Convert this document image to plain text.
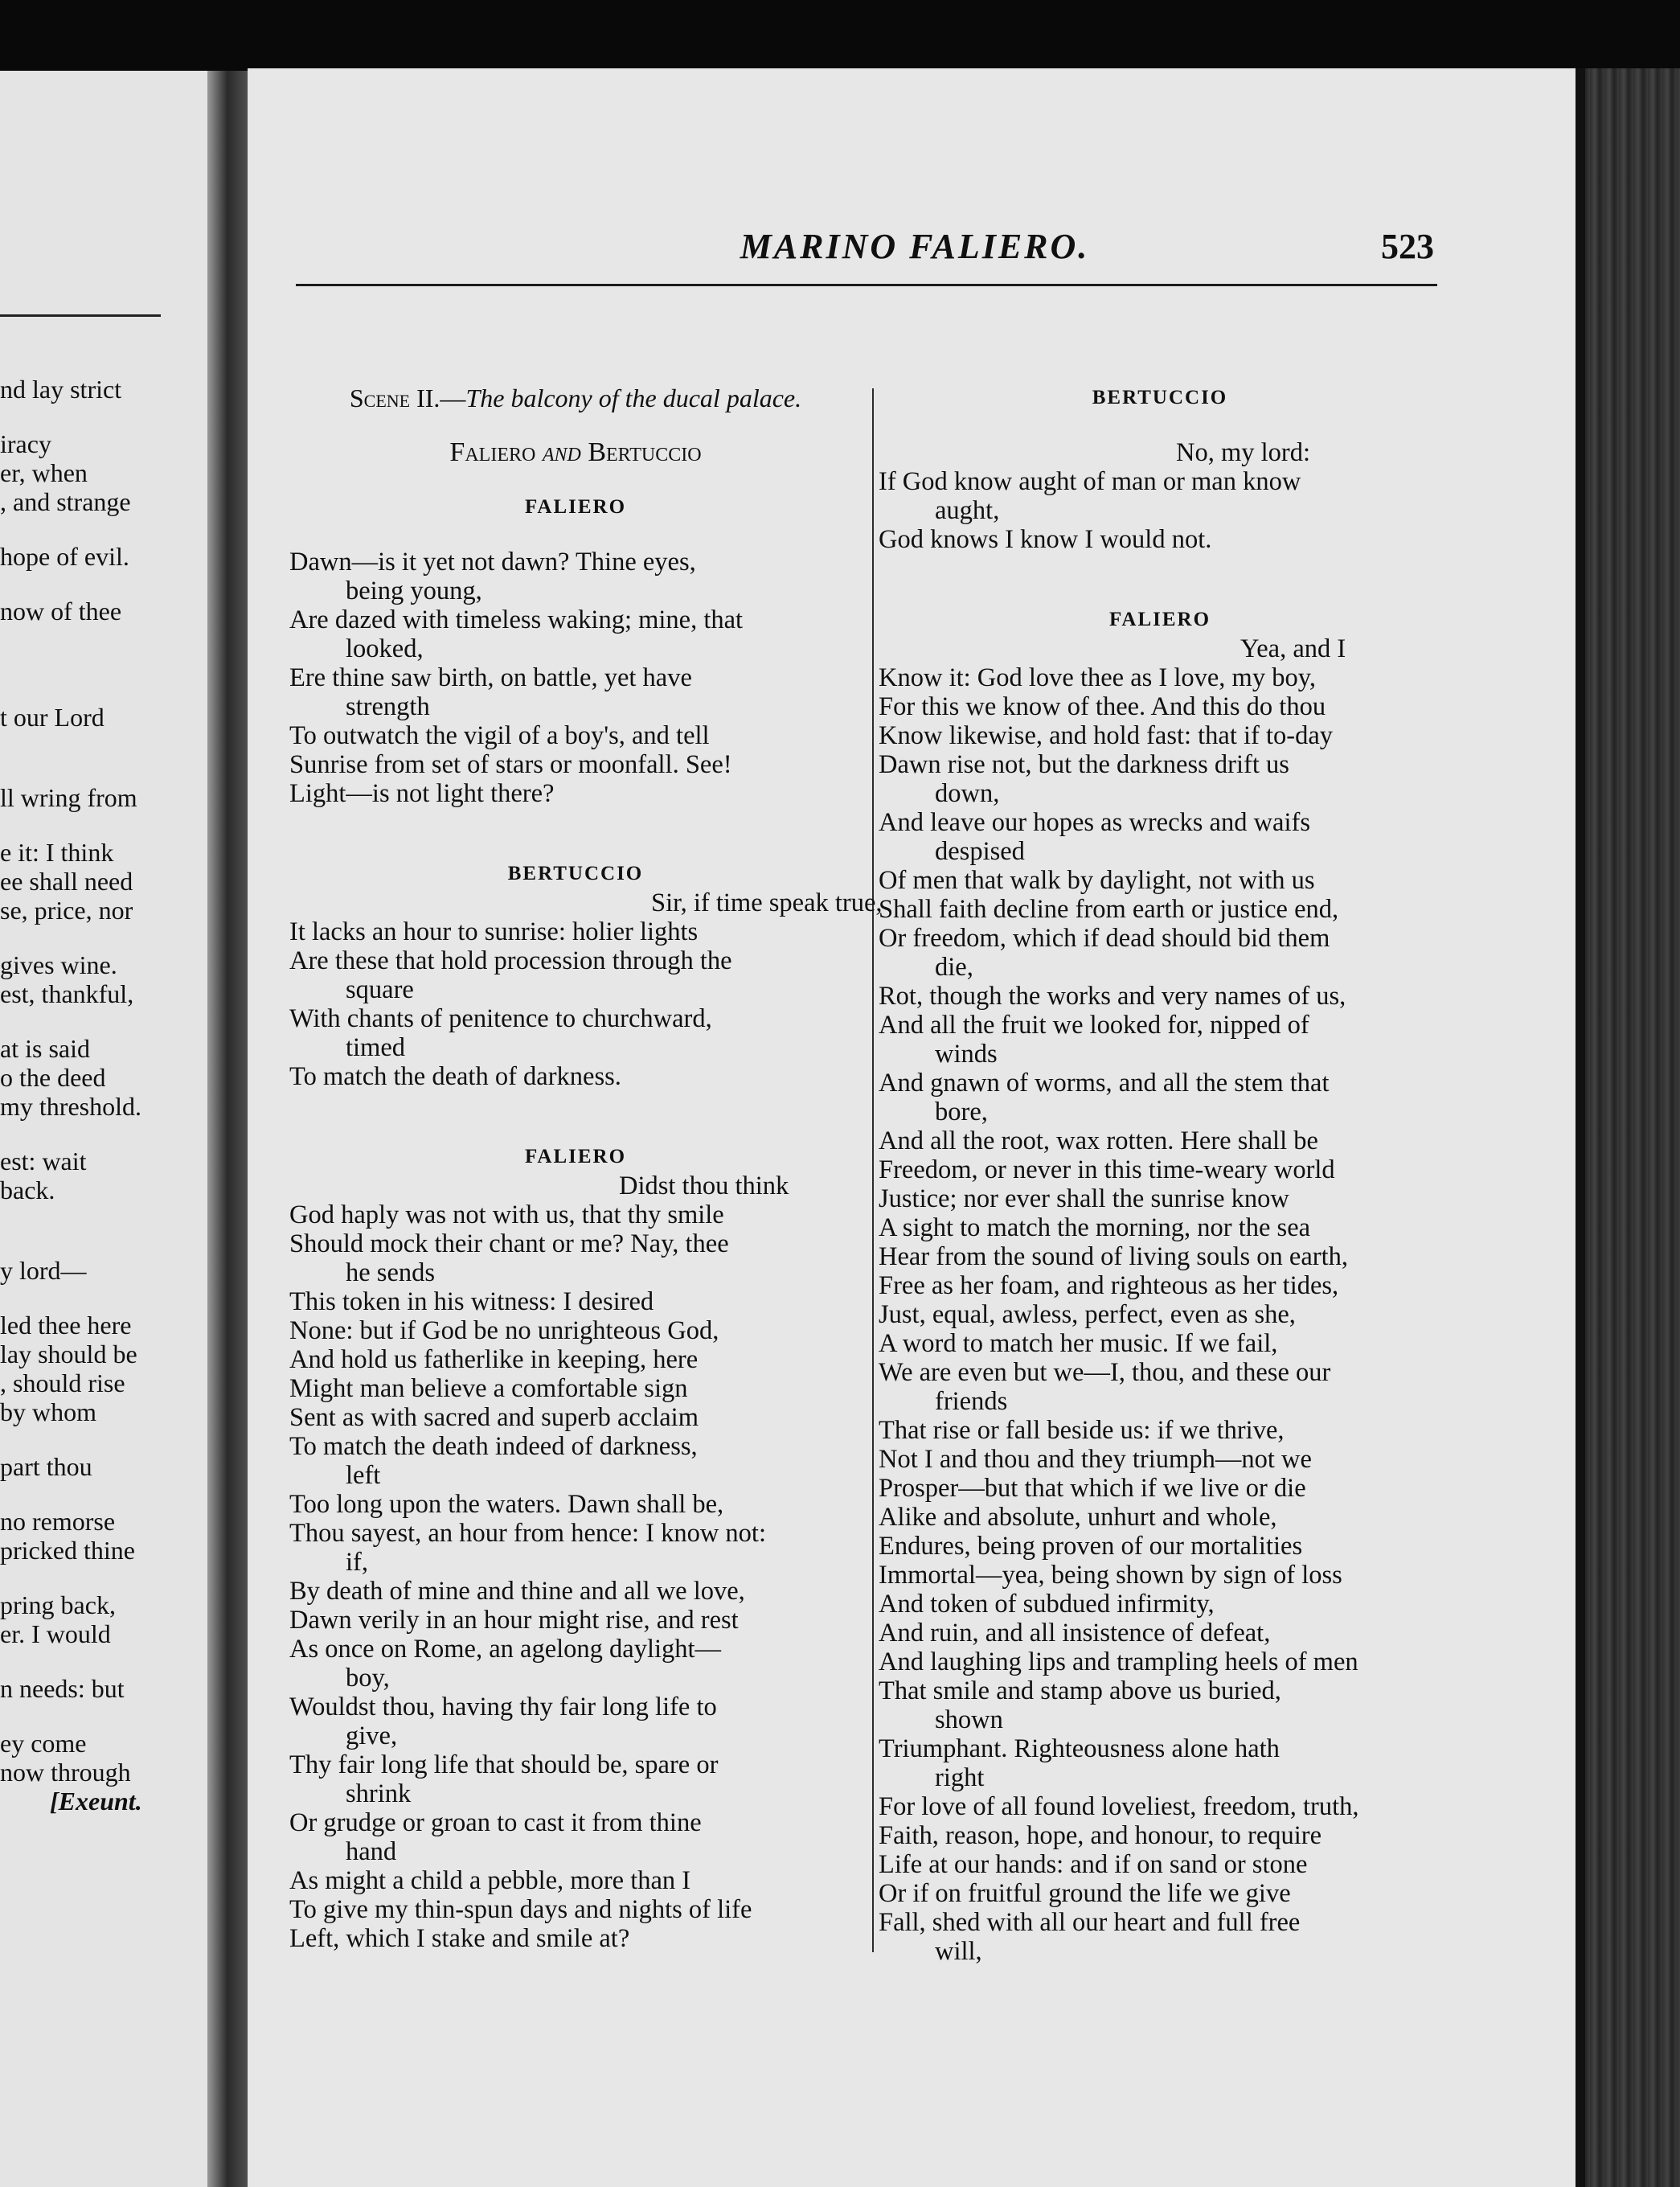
nd lay strict
iracy
er, when
, and strange
hope of evil.
now of thee
t our Lord
ll wring from
e it: I think
ee shall need
se, price, nor
gives wine.
est, thankful,
at is said
o the deed
my threshold.
est: wait
back.
y lord—
led thee here
lay should be
, should rise
by whom
part thou
no remorse
pricked thine
pring back,
er. I would
n needs: but
ey come
now through
[Exeunt.
MARINO FALIERO.	523
Scene II.—The balcony of the ducal palace.
Faliero and Bertuccio
FALIERO
Dawn—is it yet not dawn? Thine eyes,
being young,
Are dazed with timeless waking; mine, that
looked,
Ere thine saw birth, on battle, yet have
strength
To outwatch the vigil of a boy's, and tell
Sunrise from set of stars or moonfall. See!
Light—is not light there?
BERTUCCIO
Sir, if time speak true,
It lacks an hour to sunrise: holier lights
Are these that hold procession through the
square
With chants of penitence to churchward,
timed
To match the death of darkness.
FALIERO
Didst thou think
God haply was not with us, that thy smile
Should mock their chant or me? Nay, thee
he sends
This token in his witness: I desired
None: but if God be no unrighteous God,
And hold us fatherlike in keeping, here
Might man believe a comfortable sign
Sent as with sacred and superb acclaim
To match the death indeed of darkness,
left
Too long upon the waters. Dawn shall be,
Thou sayest, an hour from hence: I know not:
if,
By death of mine and thine and all we love,
Dawn verily in an hour might rise, and rest
As once on Rome, an agelong daylight—
boy,
Wouldst thou, having thy fair long life to
give,
Thy fair long life that should be, spare or
shrink
Or grudge or groan to cast it from thine
hand
As might a child a pebble, more than I
To give my thin-spun days and nights of life
Left, which I stake and smile at?
BERTUCCIO
No, my lord:
If God know aught of man or man know
aught,
God knows I know I would not.
FALIERO
Yea, and I
Know it: God love thee as I love, my boy,
For this we know of thee. And this do thou
Know likewise, and hold fast: that if to-day
Dawn rise not, but the darkness drift us
down,
And leave our hopes as wrecks and waifs
despised
Of men that walk by daylight, not with us
Shall faith decline from earth or justice end,
Or freedom, which if dead should bid them
die,
Rot, though the works and very names of us,
And all the fruit we looked for, nipped of
winds
And gnawn of worms, and all the stem that
bore,
And all the root, wax rotten. Here shall be
Freedom, or never in this time-weary world
Justice; nor ever shall the sunrise know
A sight to match the morning, nor the sea
Hear from the sound of living souls on earth,
Free as her foam, and righteous as her tides,
Just, equal, awless, perfect, even as she,
A word to match her music. If we fail,
We are even but we—I, thou, and these our
friends
That rise or fall beside us: if we thrive,
Not I and thou and they triumph—not we
Prosper—but that which if we live or die
Alike and absolute, unhurt and whole,
Endures, being proven of our mortalities
Immortal—yea, being shown by sign of loss
And token of subdued infirmity,
And ruin, and all insistence of defeat,
And laughing lips and trampling heels of men
That smile and stamp above us buried,
shown
Triumphant. Righteousness alone hath
right
For love of all found loveliest, freedom, truth,
Faith, reason, hope, and honour, to require
Life at our hands: and if on sand or stone
Or if on fruitful ground the life we give
Fall, shed with all our heart and full free
will,
